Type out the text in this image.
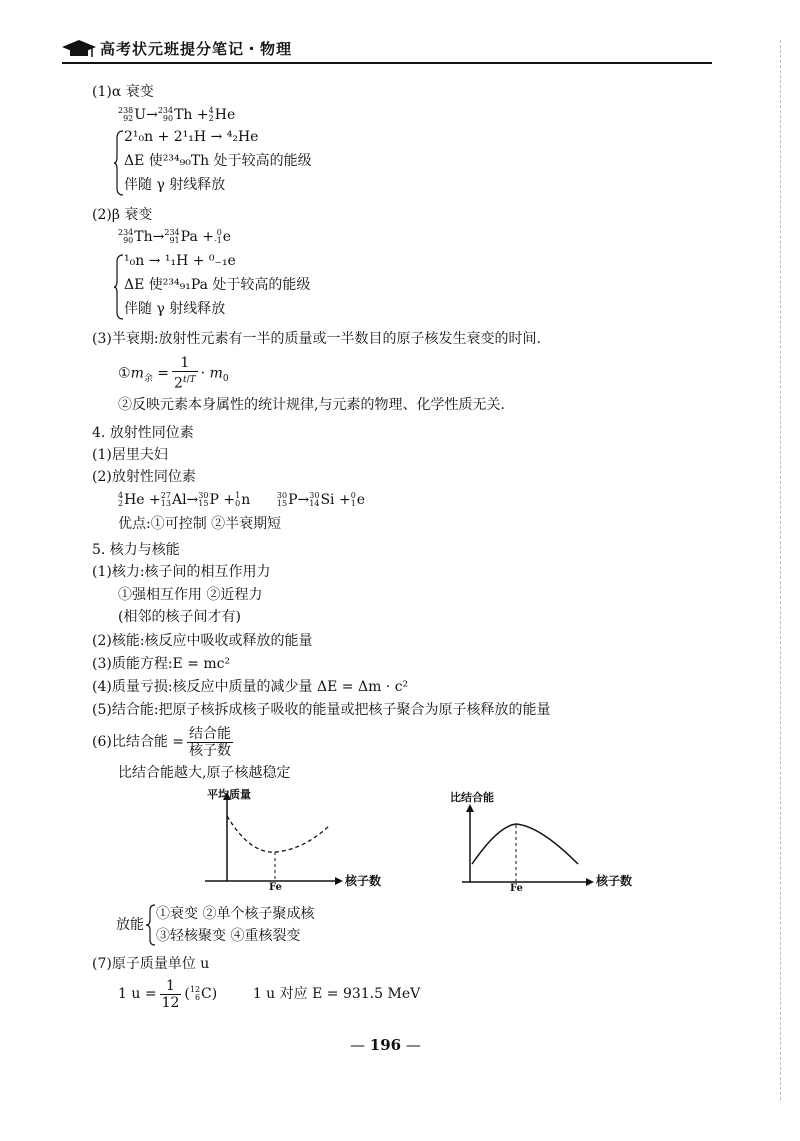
高考状元班提分笔记・物理
(1)α 衰变
238
92 U→ 234
90 Th + 4
2 He
2¹₀n + 2¹₁H → ⁴₂He
ΔE 使²³⁴₉₀Th 处于较高的能级
伴随 γ 射线释放
(2)β 衰变
234
90 Th→ 234
91 Pa + 0
-1 e
¹₀n → ¹₁H + ⁰₋₁e
ΔE 使²³⁴₉₁Pa 处于较高的能级
伴随 γ 射线释放
(3)半衰期:放射性元素有一半的质量或一半数目的原子核发生衰变的时间.
$①m_余 = \frac{1}{2^{t/T}} \cdot m_0$
②反映元素本身属性的统计规律,与元素的物理、化学性质无关.
4. 放射性同位素
(1)居里夫妇
(2)放射性同位素
4
2 He + 27
13 Al→ 30
15 P + 1
0 n 30
15 P→ 30
14 Si + 0
1 e
优点:①可控制 ②半衰期短
5. 核力与核能
(1)核力:核子间的相互作用力
①强相互作用 ②近程力
(相邻的核子间才有)
(2)核能:核反应中吸收或释放的能量
(3)质能方程:E = mc²
(4)质量亏损:核反应中质量的减少量 ΔE = Δm · c²
(5)结合能:把原子核拆成核子吸收的能量或把核子聚合为原子核释放的能量
(6)比结合能 = $\frac{\text{结合能}}{\text{核子数}}$
比结合能越大,原子核越稳定
平均质量
核子数
Fe
比结合能
核子数
Fe
放能
①衰变 ②单个核子聚成核
③轻核聚变 ④重核裂变
(7)原子质量单位 u
1 $u = \frac{1}{12}$ ( 12
6 C)        1 u 对应 E = 931.5 MeV
— 196 —
